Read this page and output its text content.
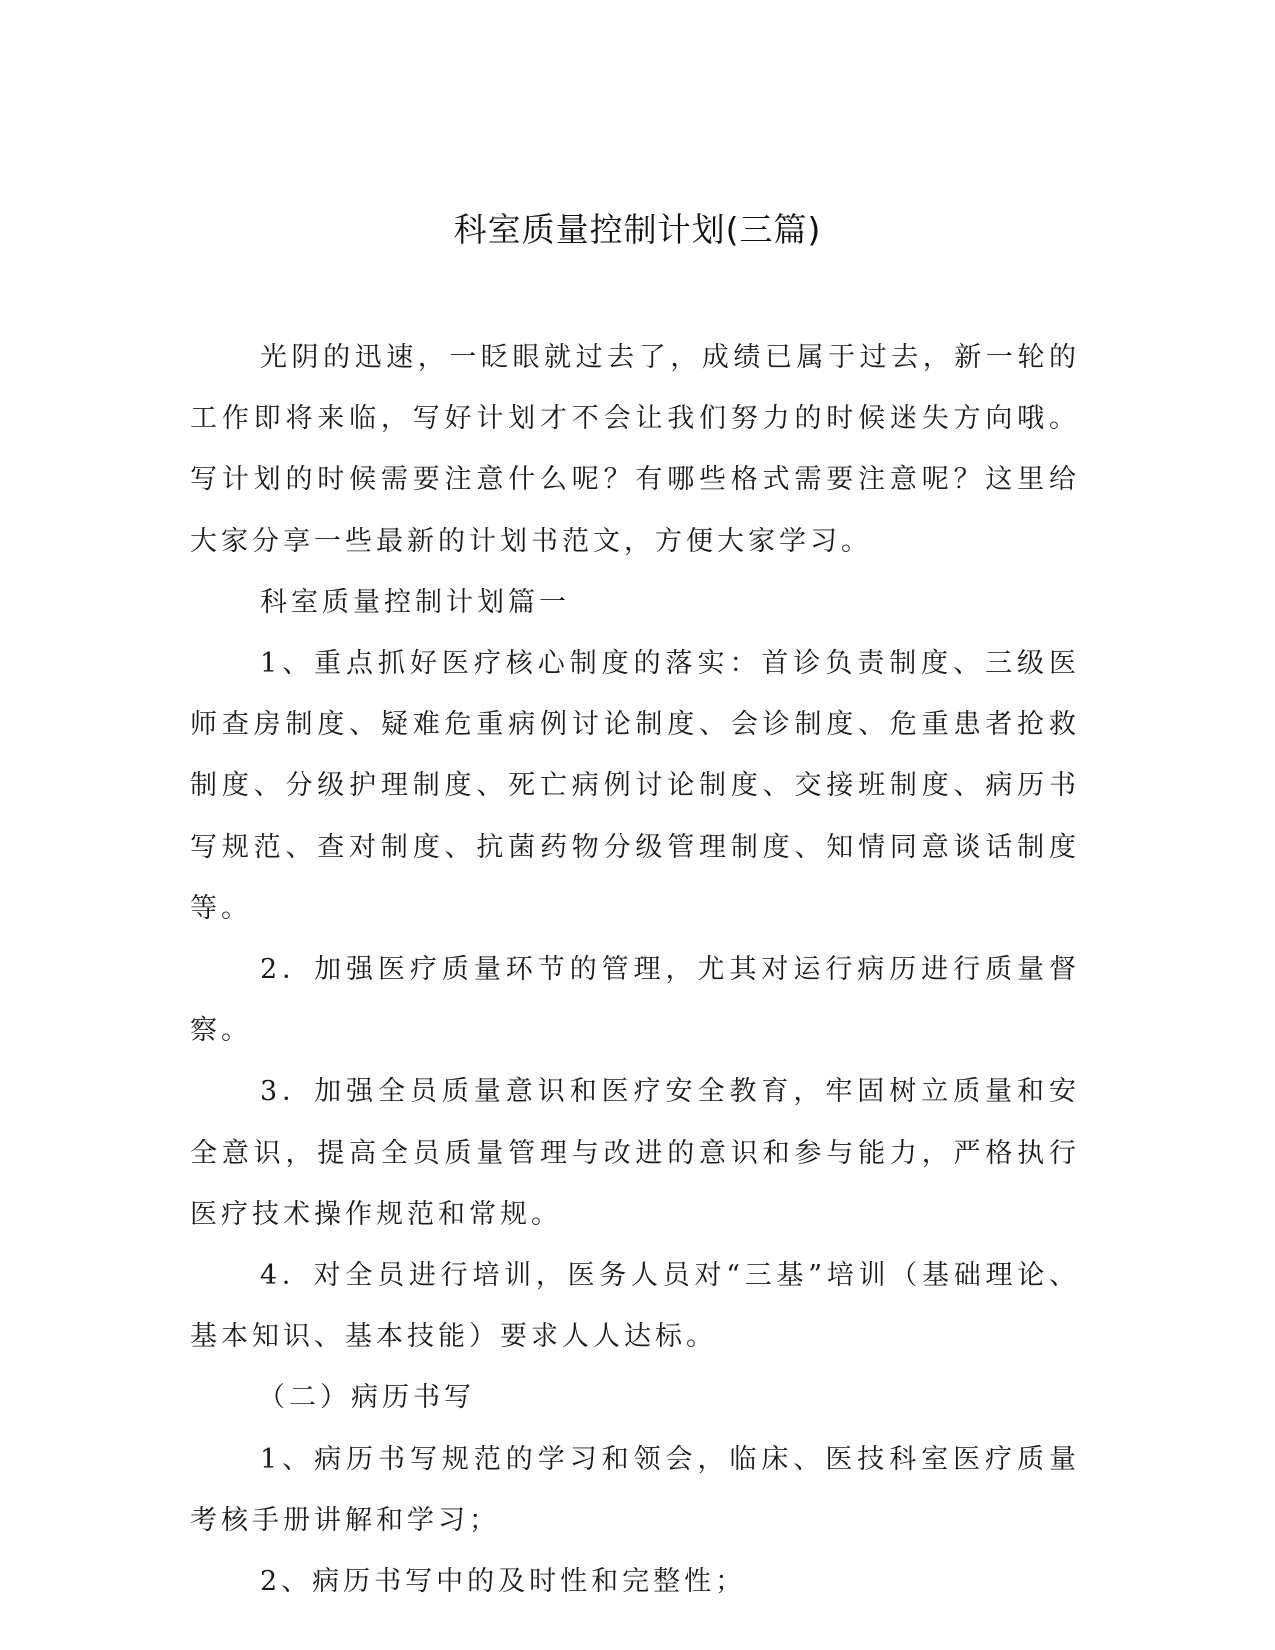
科室质量控制计划(三篇)

光阴的迅速，一眨眼就过去了，成绩已属于过去，新一轮的工作即将来临，写好计划才不会让我们努力的时候迷失方向哦。写计划的时候需要注意什么呢？有哪些格式需要注意呢？这里给大家分享一些最新的计划书范文，方便大家学习。

科室质量控制计划篇一

1、重点抓好医疗核心制度的落实：首诊负责制度、三级医师查房制度、疑难危重病例讨论制度、会诊制度、危重患者抢救制度、分级护理制度、死亡病例讨论制度、交接班制度、病历书写规范、查对制度、抗菌药物分级管理制度、知情同意谈话制度等。

2．加强医疗质量环节的管理，尤其对运行病历进行质量督察。

3．加强全员质量意识和医疗安全教育，牢固树立质量和安全意识，提高全员质量管理与改进的意识和参与能力，严格执行医疗技术操作规范和常规。

4．对全员进行培训，医务人员对“三基”培训（基础理论、基本知识、基本技能）要求人人达标。

（二）病历书写

1、病历书写规范的学习和领会，临床、医技科室医疗质量考核手册讲解和学习；

2、病历书写中的及时性和完整性；
